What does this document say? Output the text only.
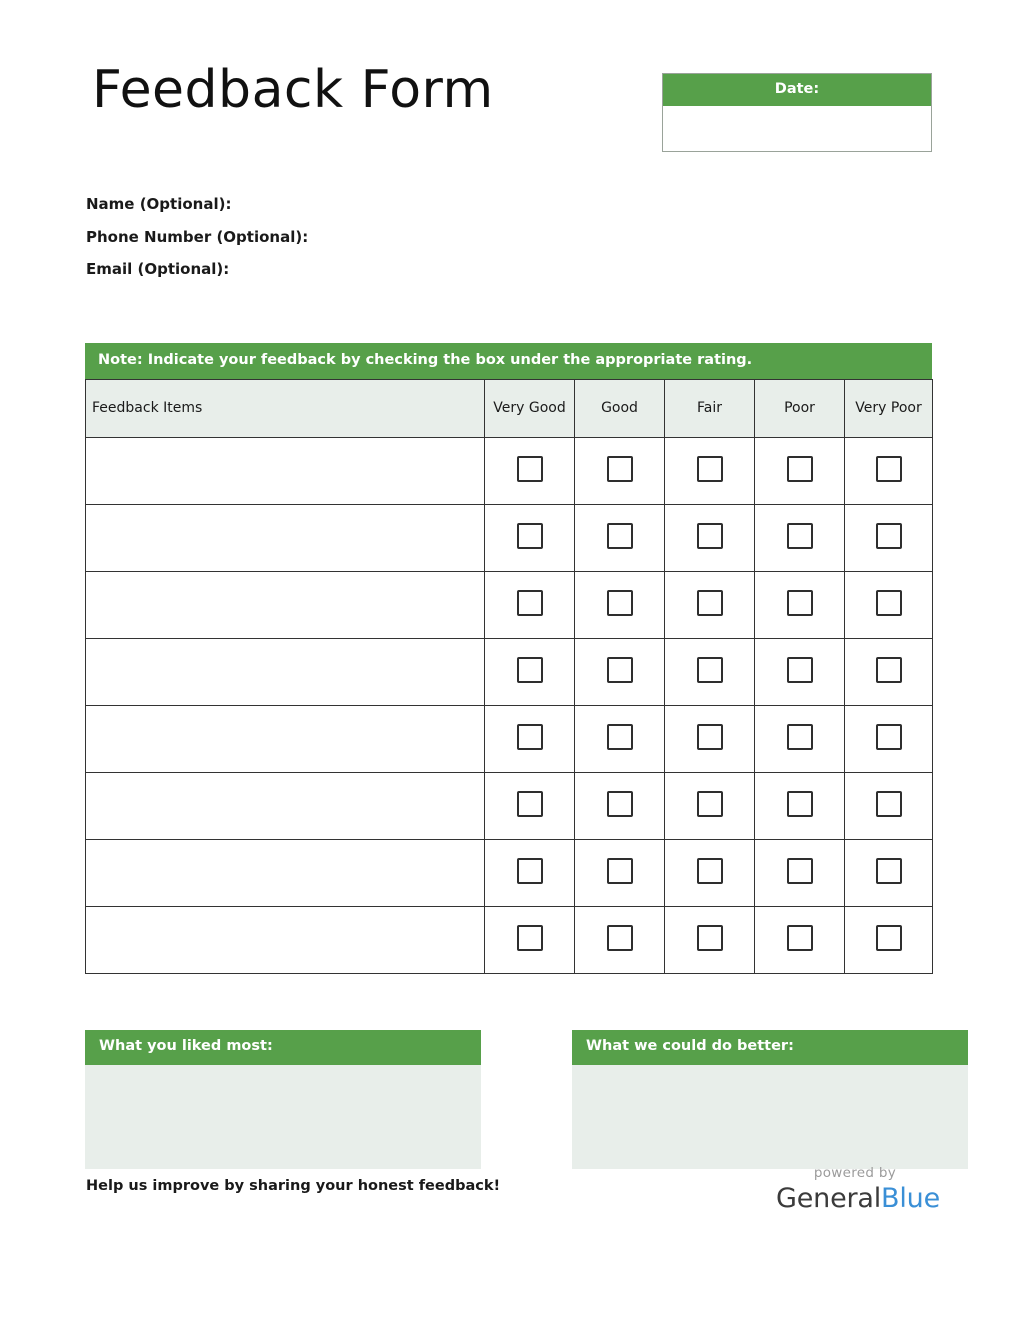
Feedback Form	Date:
Name (Optional):
Phone Number (Optional):
Email (Optional):
Note: Indicate your feedback by checking the box under the appropriate rating.
Feedback Items	Very Good	Good	Fair	Poor	Very Poor

What you liked most:	What we could do better:
Help us improve by sharing your honest feedback!
powered by
GeneralBlue
